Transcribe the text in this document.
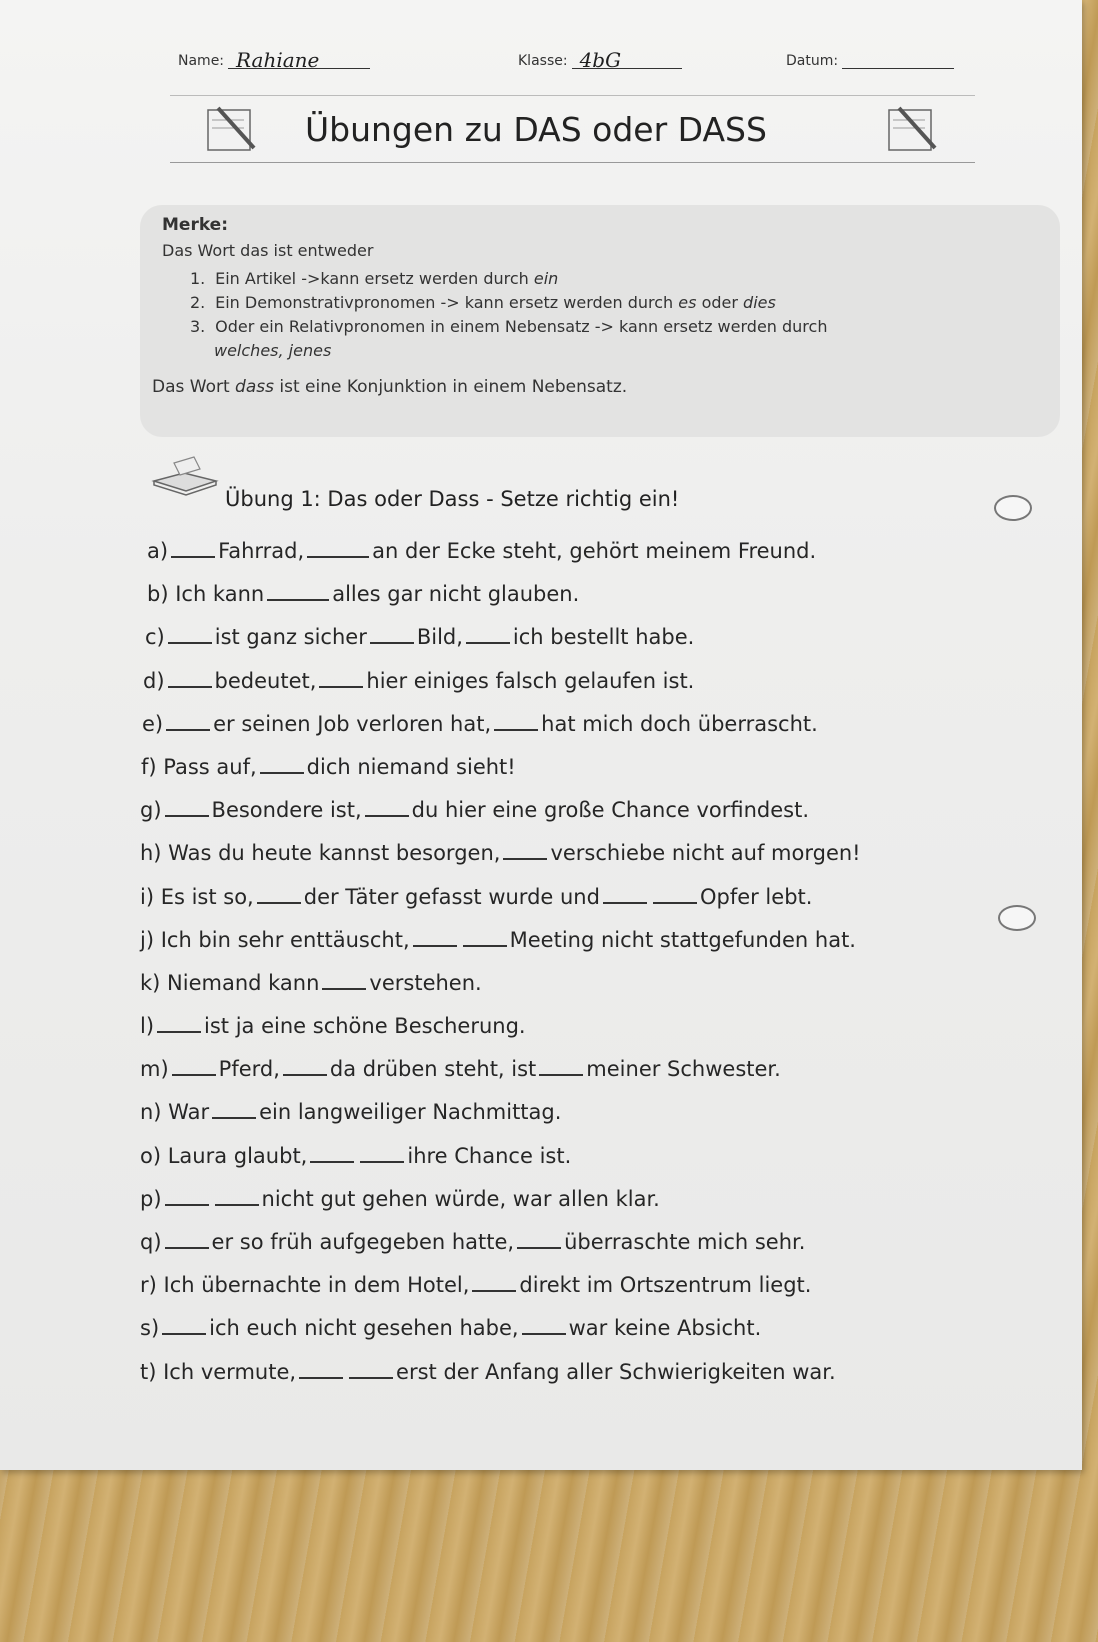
Name: Rahiane	Klasse: 4bG	Datum:
Übungen zu DAS oder DASS
Merke:
Das Wort das ist entweder
1. Ein Artikel ->kann ersetz werden durch ein
2. Ein Demonstrativpronomen -> kann ersetz werden durch es oder dies
3. Oder ein Relativpronomen in einem Nebensatz -> kann ersetz werden durch
welches, jenes
Das Wort dass ist eine Konjunktion in einem Nebensatz.
Übung 1: Das oder Dass - Setze richtig ein!
a) Fahrrad,	an der Ecke steht, gehört meinem Freund.
b) Ich kann	alles gar nicht glauben.
c) ist ganz sicher Bild, ich bestellt habe.
d) bedeutet, hier einiges falsch gelaufen ist.
e) er seinen Job verloren hat, hat mich doch überrascht.
f) Pass auf, dich niemand sieht!
g) Besondere ist, du hier eine große Chance vorfindest.
h) Was du heute kannst besorgen, verschiebe nicht auf morgen!
i) Es ist so, der Täter gefasst wurde und	Opfer lebt.
j) Ich bin sehr enttäuscht,	Meeting nicht stattgefunden hat.
k) Niemand kann verstehen.
l) ist ja eine schöne Bescherung.
m) Pferd, da drüben steht, ist meiner Schwester.
n) War ein langweiliger Nachmittag.
o) Laura glaubt,	ihre Chance ist.
p)	nicht gut gehen würde, war allen klar.
q) er so früh aufgegeben hatte, überraschte mich sehr.
r) Ich übernachte in dem Hotel, direkt im Ortszentrum liegt.
s) ich euch nicht gesehen habe, war keine Absicht.
t) Ich vermute,	erst der Anfang aller Schwierigkeiten war.
